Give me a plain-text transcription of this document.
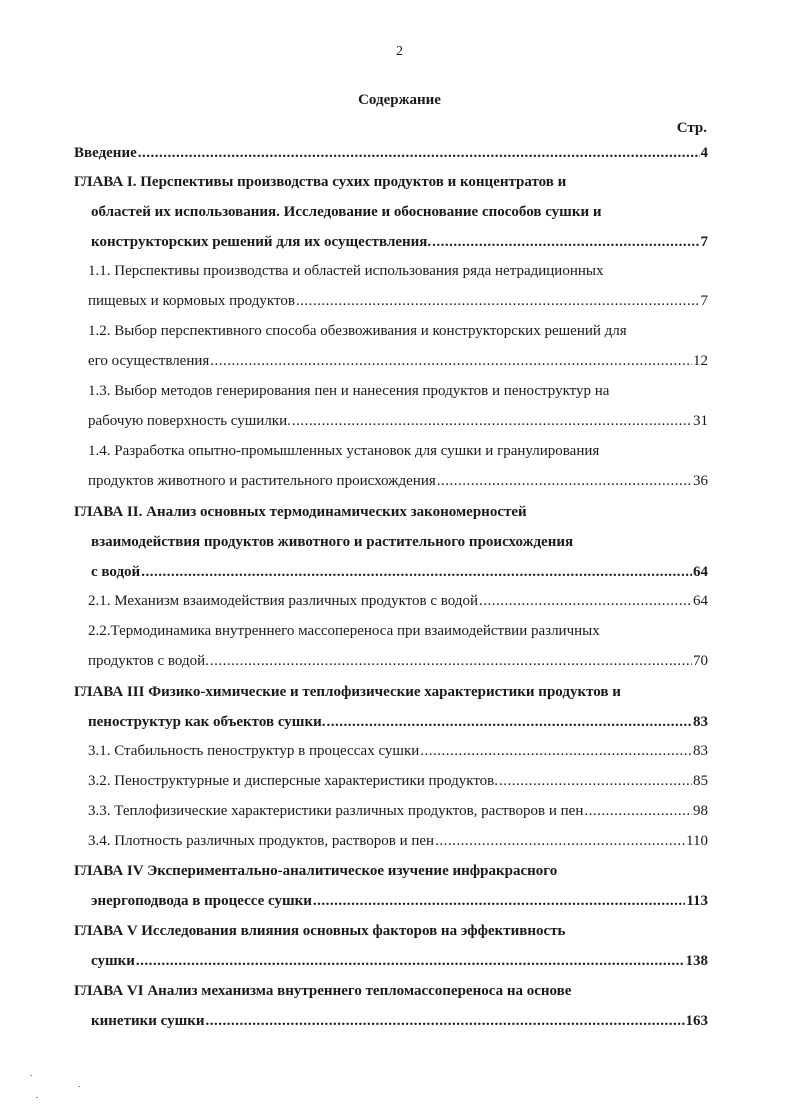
2
Содержание
Стр.
Введение .....	4
ГЛАВА I. Перспективы производства сухих продуктов и концентратов и
областей их использования. Исследование и обоснование способов сушки и
конструкторских решений для их осуществления. .....	7
1.1. Перспективы производства и областей использования ряда нетрадиционных
пищевых и кормовых продуктов .....	7
1.2. Выбор перспективного способа обезвоживания и конструкторских решений для
его осуществления .....	12
1.3. Выбор методов генерирования пен и нанесения продуктов и пеноструктур на
рабочую поверхность сушилки. .....	31
1.4. Разработка опытно-промышленных установок для сушки и гранулирования
продуктов животного и растительного происхождения .....	36
ГЛАВА II. Анализ основных термодинамических закономерностей
взаимодействия продуктов животного и растительного происхождения
с водой .....	64
2.1. Механизм взаимодействия различных продуктов с водой .....	64
2.2.Термодинамика внутреннего массопереноса при взаимодействии различных
продуктов с водой. .....	70
ГЛАВА III Физико-химические и теплофизические характеристики продуктов и
пеноструктур как объектов сушки. .....	83
3.1. Стабильность пеноструктур в процессах сушки .....	83
3.2. Пеноструктурные и дисперсные характеристики продуктов. .....	85
3.3. Теплофизические характеристики различных продуктов, растворов и пен .....	98
3.4. Плотность различных продуктов, растворов и пен .....	110
ГЛАВА IV Экспериментально-аналитическое изучение инфракрасного
энергоподвода в процессе сушки .....	113
ГЛАВА V Исследования влияния основных факторов на эффективность
сушки .....	138
ГЛАВА VI Анализ механизма внутреннего тепломассопереноса на основе
кинетики сушки .....	163
